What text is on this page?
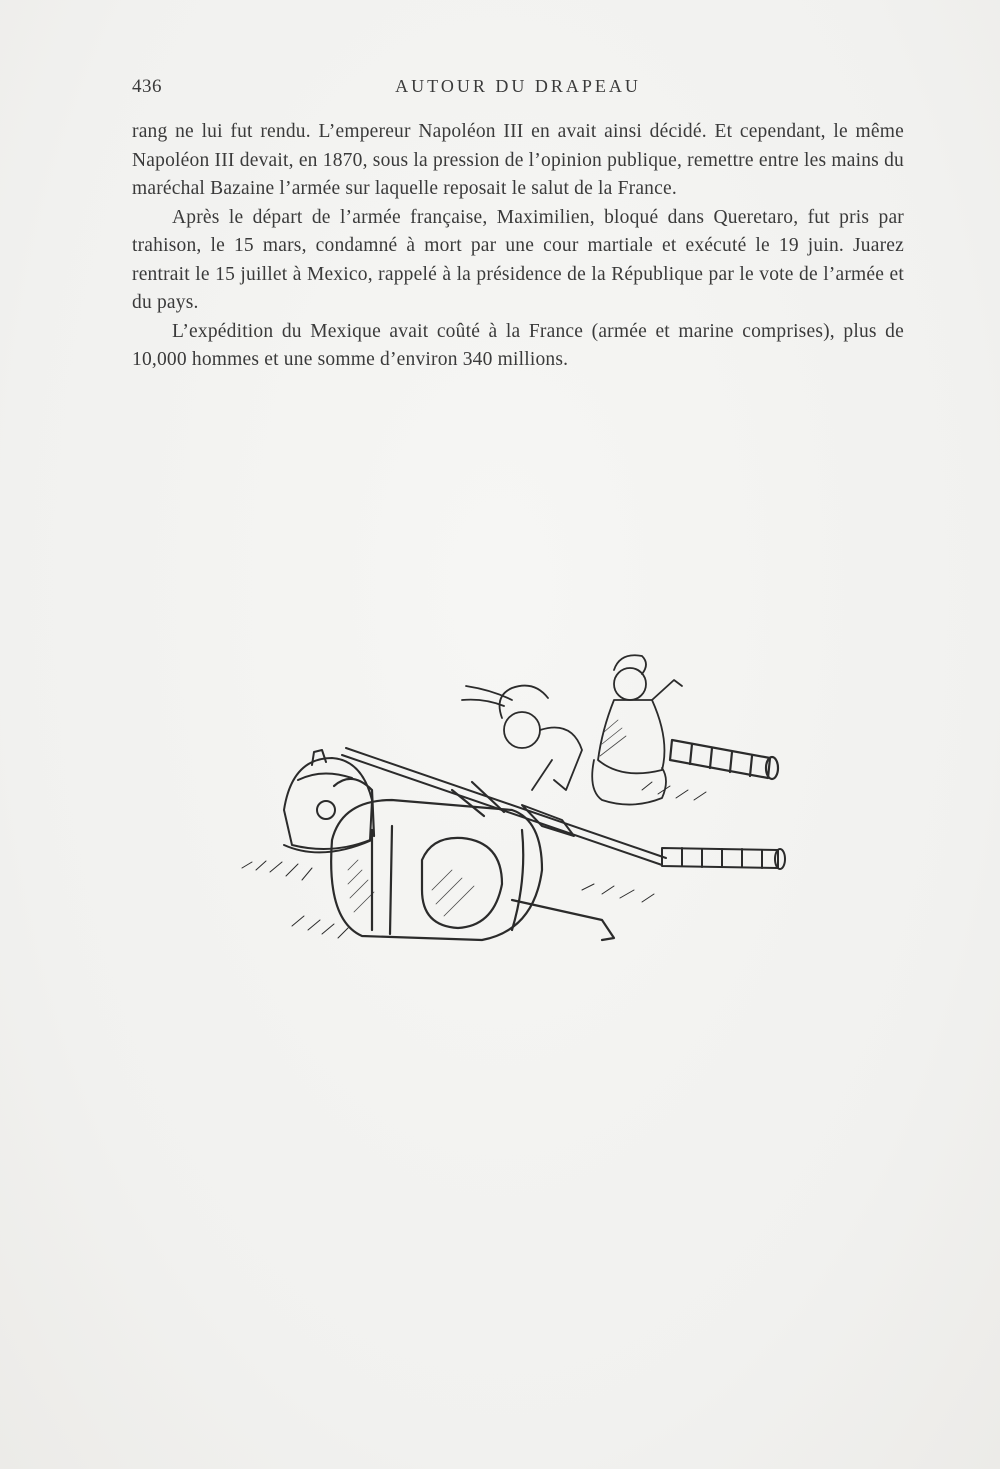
436	AUTOUR DU DRAPEAU

rang ne lui fut rendu. L’empereur Napoléon III en avait ainsi décidé. Et cependant, le même Napoléon III devait, en 1870, sous la pression de l’opinion publique, remettre entre les mains du maréchal Bazaine l’armée sur laquelle reposait le salut de la France.

Après le départ de l’armée française, Maximilien, bloqué dans Queretaro, fut pris par trahison, le 15 mars, condamné à mort par une cour martiale et exécuté le 19 juin. Juarez rentrait le 15 juillet à Mexico, rappelé à la présidence de la République par le vote de l’armée et du pays.

L’expédition du Mexique avait coûté à la France (armée et marine comprises), plus de 10,000 hommes et une somme d’environ 340 millions.
